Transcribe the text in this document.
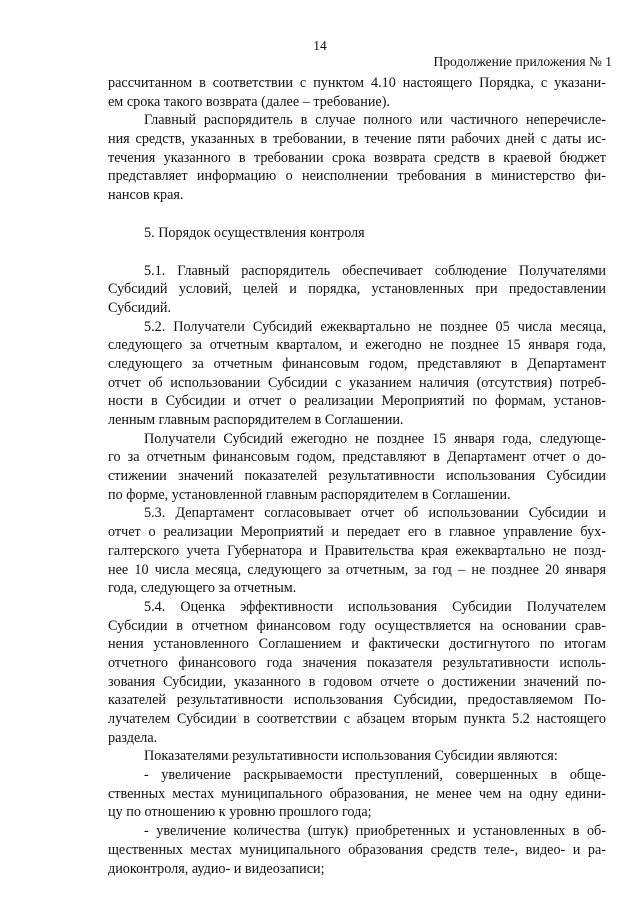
14
Продолжение приложения № 1
рассчитанном в соответствии с пунктом 4.10 настоящего Порядка, с указани-
ем срока такого возврата (далее – требование).
Главный распорядитель в случае полного или частичного неперечисле-
ния средств, указанных в требовании, в течение пяти рабочих дней с даты ис-
течения указанного в требовании срока возврата средств в краевой бюджет
представляет информацию о неисполнении требования в министерство фи-
нансов края.
5. Порядок осуществления контроля
5.1. Главный распорядитель обеспечивает соблюдение Получателями
Субсидий условий, целей и порядка, установленных при предоставлении
Субсидий.
5.2. Получатели Субсидий ежеквартально не позднее 05 числа месяца,
следующего за отчетным кварталом, и ежегодно не позднее 15 января года,
следующего за отчетным финансовым годом, представляют в Департамент
отчет об использовании Субсидии с указанием наличия (отсутствия) потреб-
ности в Субсидии и отчет о реализации Мероприятий по формам, установ-
ленным главным распорядителем в Соглашении.
Получатели Субсидий ежегодно не позднее 15 января года, следующе-
го за отчетным финансовым годом, представляют в Департамент отчет о до-
стижении значений показателей результативности использования Субсидии
по форме, установленной главным распорядителем в Соглашении.
5.3. Департамент согласовывает отчет об использовании Субсидии и
отчет о реализации Мероприятий и передает его в главное управление бух-
галтерского учета Губернатора и Правительства края ежеквартально не позд-
нее 10 числа месяца, следующего за отчетным, за год – не позднее 20 января
года, следующего за отчетным.
5.4. Оценка эффективности использования Субсидии Получателем
Субсидии в отчетном финансовом году осуществляется на основании срав-
нения установленного Соглашением и фактически достигнутого по итогам
отчетного финансового года значения показателя результативности исполь-
зования Субсидии, указанного в годовом отчете о достижении значений по-
казателей результативности использования Субсидии, предоставляемом По-
лучателем Субсидии в соответствии с абзацем вторым пункта 5.2 настоящего
раздела.
Показателями результативности использования Субсидии являются:
- увеличение раскрываемости преступлений, совершенных в обще-
ственных местах муниципального образования, не менее чем на одну едини-
цу по отношению к уровню прошлого года;
- увеличение количества (штук) приобретенных и установленных в об-
щественных местах муниципального образования средств теле-, видео- и ра-
диоконтроля, аудио- и видеозаписи;
